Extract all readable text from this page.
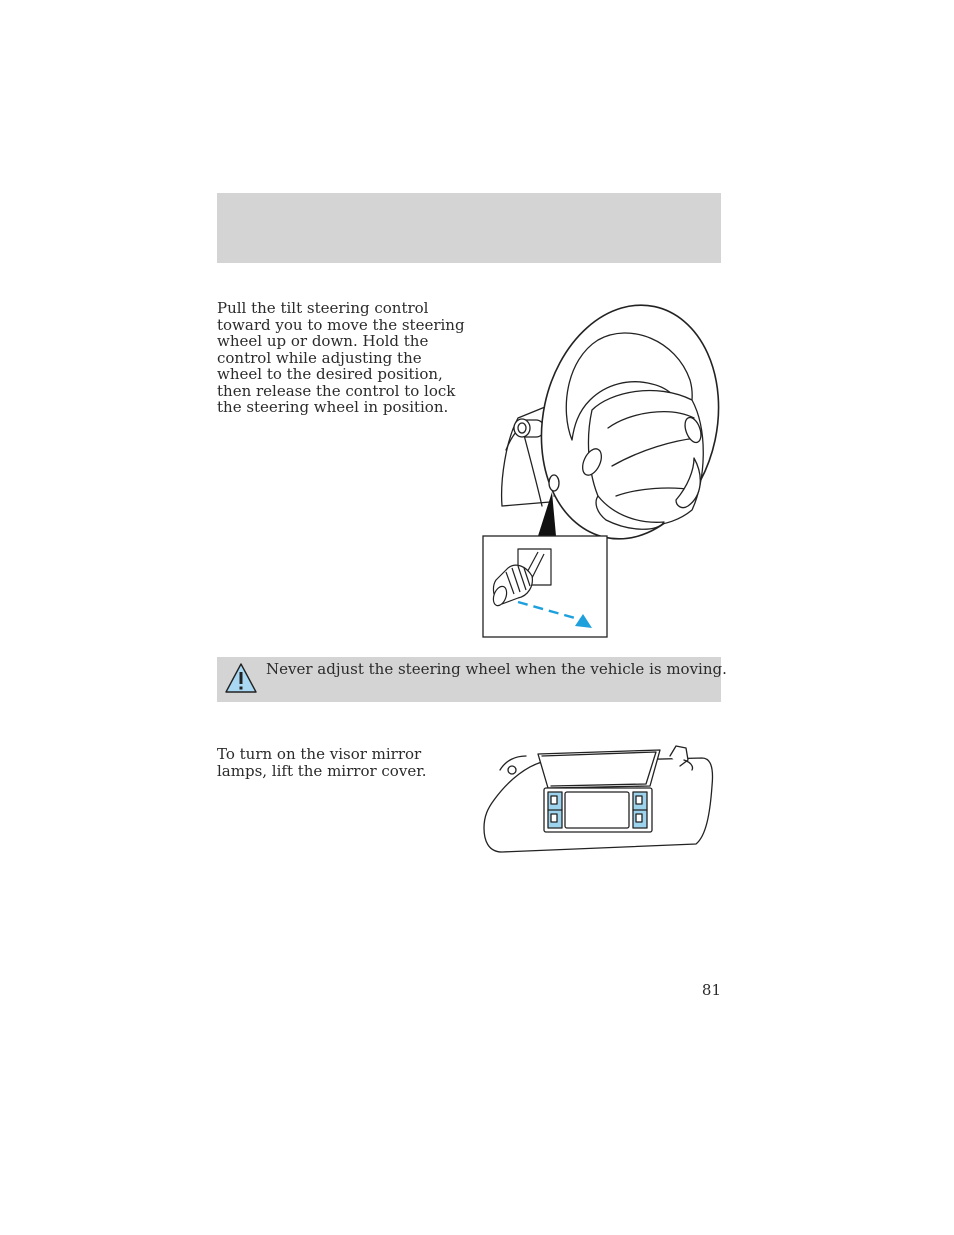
Pull the tilt steering control toward you to move the steering wheel up or down. Hold the control while adjusting the wheel to the desired position, then release the control to lock the steering wheel in position.

Never adjust the steering wheel when the vehicle is moving.

To turn on the visor mirror lamps, lift the mirror cover.

81
